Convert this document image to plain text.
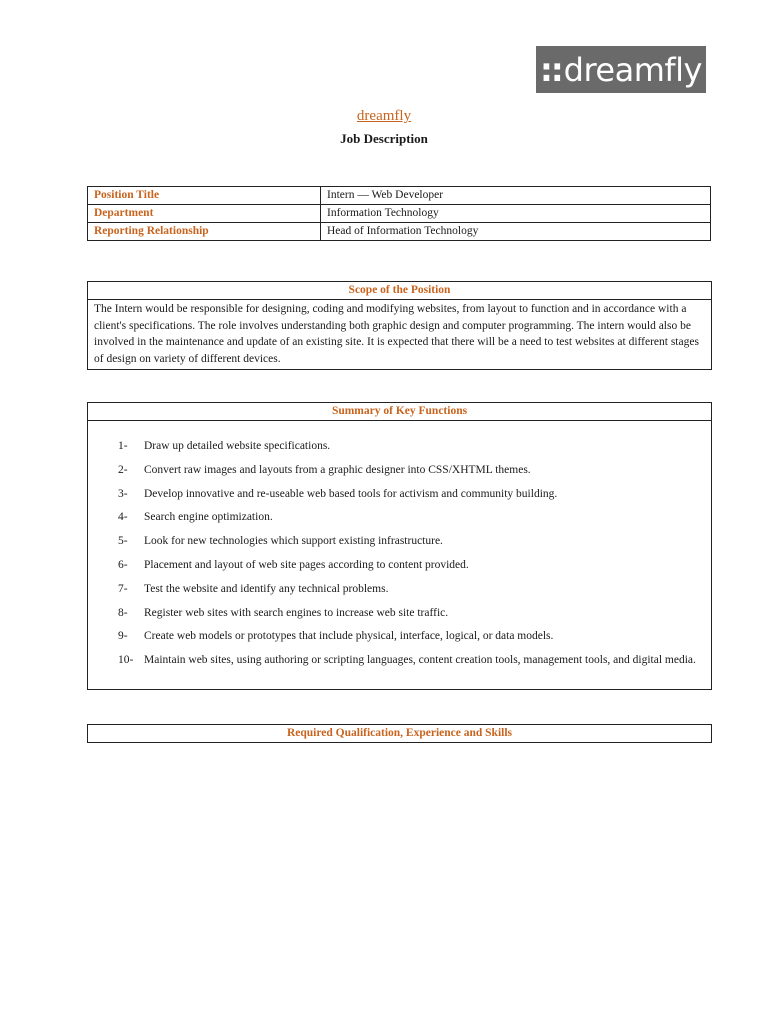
:: dreamfly
dreamfly
Job Description
Position Title	Intern — Web Developer
Department	Information Technology
Reporting Relationship	Head of Information Technology
Scope of the Position
The Intern would be responsible for designing, coding and modifying websites, from layout to function and in accordance with a client's specifications. The role involves understanding both graphic design and computer programming. The intern would also be involved in the maintenance and update of an existing site. It is expected that there will be a need to test websites at different stages of design on variety of different devices.
Summary of Key Functions
1-	Draw up detailed website specifications.
2-	Convert raw images and layouts from a graphic designer into CSS/XHTML themes.
3-	Develop innovative and re-useable web based tools for activism and community building.
4-	Search engine optimization.
5-	Look for new technologies which support existing infrastructure.
6-	Placement and layout of web site pages according to content provided.
7-	Test the website and identify any technical problems.
8-	Register web sites with search engines to increase web site traffic.
9-	Create web models or prototypes that include physical, interface, logical, or data models.
10- Maintain web sites, using authoring or scripting languages, content creation tools, management tools, and digital media.
Required Qualification, Experience and Skills
